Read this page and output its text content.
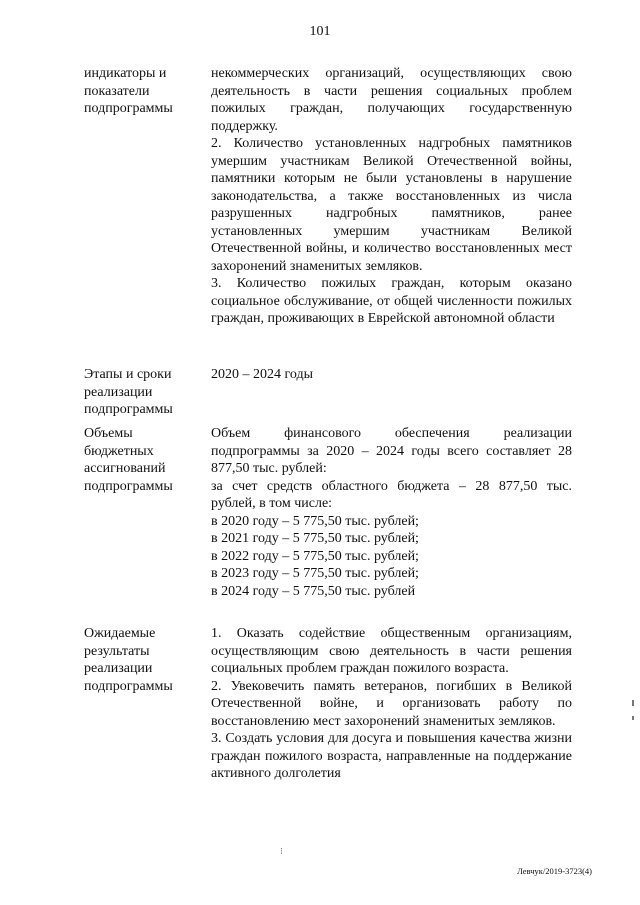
101
индикаторы и показатели подпрограммы
некоммерческих организаций, осуществляющих свою деятельность в части решения социальных проблем пожилых граждан, получающих государственную поддержку.
2. Количество установленных надгробных памятников умершим участникам Великой Отечественной войны, памятники которым не были установлены в нарушение законодательства, а также восстановленных из числа разрушенных надгробных памятников, ранее установленных умершим участникам Великой Отечественной войны, и количество восстановленных мест захоронений знаменитых земляков.
3. Количество пожилых граждан, которым оказано социальное обслуживание, от общей численности пожилых граждан, проживающих в Еврейской автономной области
Этапы и сроки реализации подпрограммы
2020 – 2024 годы
Объемы бюджетных ассигнований подпрограммы
Объем финансового обеспечения реализации подпрограммы за 2020 – 2024 годы всего составляет 28 877,50 тыс. рублей:
за счет средств областного бюджета – 28 877,50 тыс. рублей, в том числе:
в 2020 году – 5 775,50 тыс. рублей;
в 2021 году – 5 775,50 тыс. рублей;
в 2022 году – 5 775,50 тыс. рублей;
в 2023 году – 5 775,50 тыс. рублей;
в 2024 году – 5 775,50 тыс. рублей
Ожидаемые результаты реализации подпрограммы
1. Оказать содействие общественным организациям, осуществляющим свою деятельность в части решения социальных проблем граждан пожилого возраста.
2. Увековечить память ветеранов, погибших в Великой Отечественной войне, и организовать работу по восстановлению мест захоронений знаменитых земляков.
3. Создать условия для досуга и повышения качества жизни граждан пожилого возраста, направленные на поддержание активного долголетия
⁝
Левчук/2019-3723(4)
